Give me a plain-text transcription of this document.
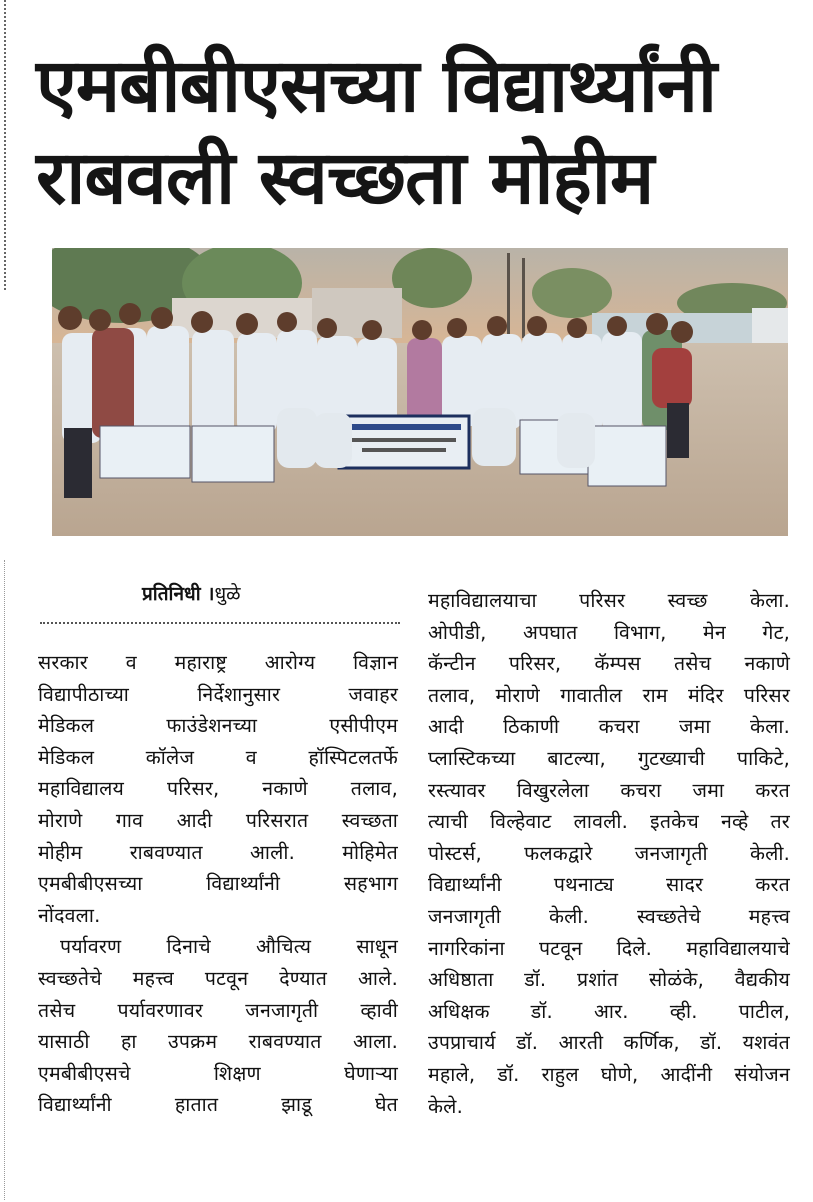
एमबीबीएसच्या विद्यार्थ्यांनी
राबवली स्वच्छता मोहीम
प्रतिनिधी ।धुळे

सरकार व महाराष्ट्र आरोग्य विज्ञान

विद्यापीठाच्या निर्देशानुसार जवाहर

मेडिकल फाउंडेशनच्या एसीपीएम

मेडिकल कॉलेज व हॉस्पिटलतर्फे

महाविद्यालय परिसर, नकाणे तलाव,

मोराणे गाव आदी परिसरात स्वच्छता

मोहीम राबवण्यात आली. मोहिमेत

एमबीबीएसच्या विद्यार्थ्यांनी सहभाग

नोंदवला.

पर्यावरण दिनाचे औचित्य साधून

स्वच्छतेचे महत्त्व पटवून देण्यात आले.

तसेच पर्यावरणावर जनजागृती व्हावी

यासाठी हा उपक्रम राबवण्यात आला.

एमबीबीएसचे शिक्षण घेणाऱ्या

विद्यार्थ्यांनी हातात झाडू घेत

महाविद्यालयाचा परिसर स्वच्छ केला.

ओपीडी, अपघात विभाग, मेन गेट,

कॅन्टीन परिसर, कॅम्पस तसेच नकाणे

तलाव, मोराणे गावातील राम मंदिर परिसर

आदी ठिकाणी कचरा जमा केला.

प्लास्टिकच्या बाटल्या, गुटख्याची पाकिटे,

रस्त्यावर विखुरलेला कचरा जमा करत

त्याची विल्हेवाट लावली. इतकेच नव्हे तर

पोस्टर्स, फलकद्वारे जनजागृती केली.

विद्यार्थ्यांनी पथनाट्य सादर करत

जनजागृती केली. स्वच्छतेचे महत्त्व

नागरिकांना पटवून दिले. महाविद्यालयाचे

अधिष्ठाता डॉ. प्रशांत सोळंके, वैद्यकीय

अधिक्षक डॉ. आर. व्ही. पाटील,

उपप्राचार्य डॉ. आरती कर्णिक, डॉ. यशवंत

महाले, डॉ. राहुल घोणे, आदींनी संयोजन

केले.
